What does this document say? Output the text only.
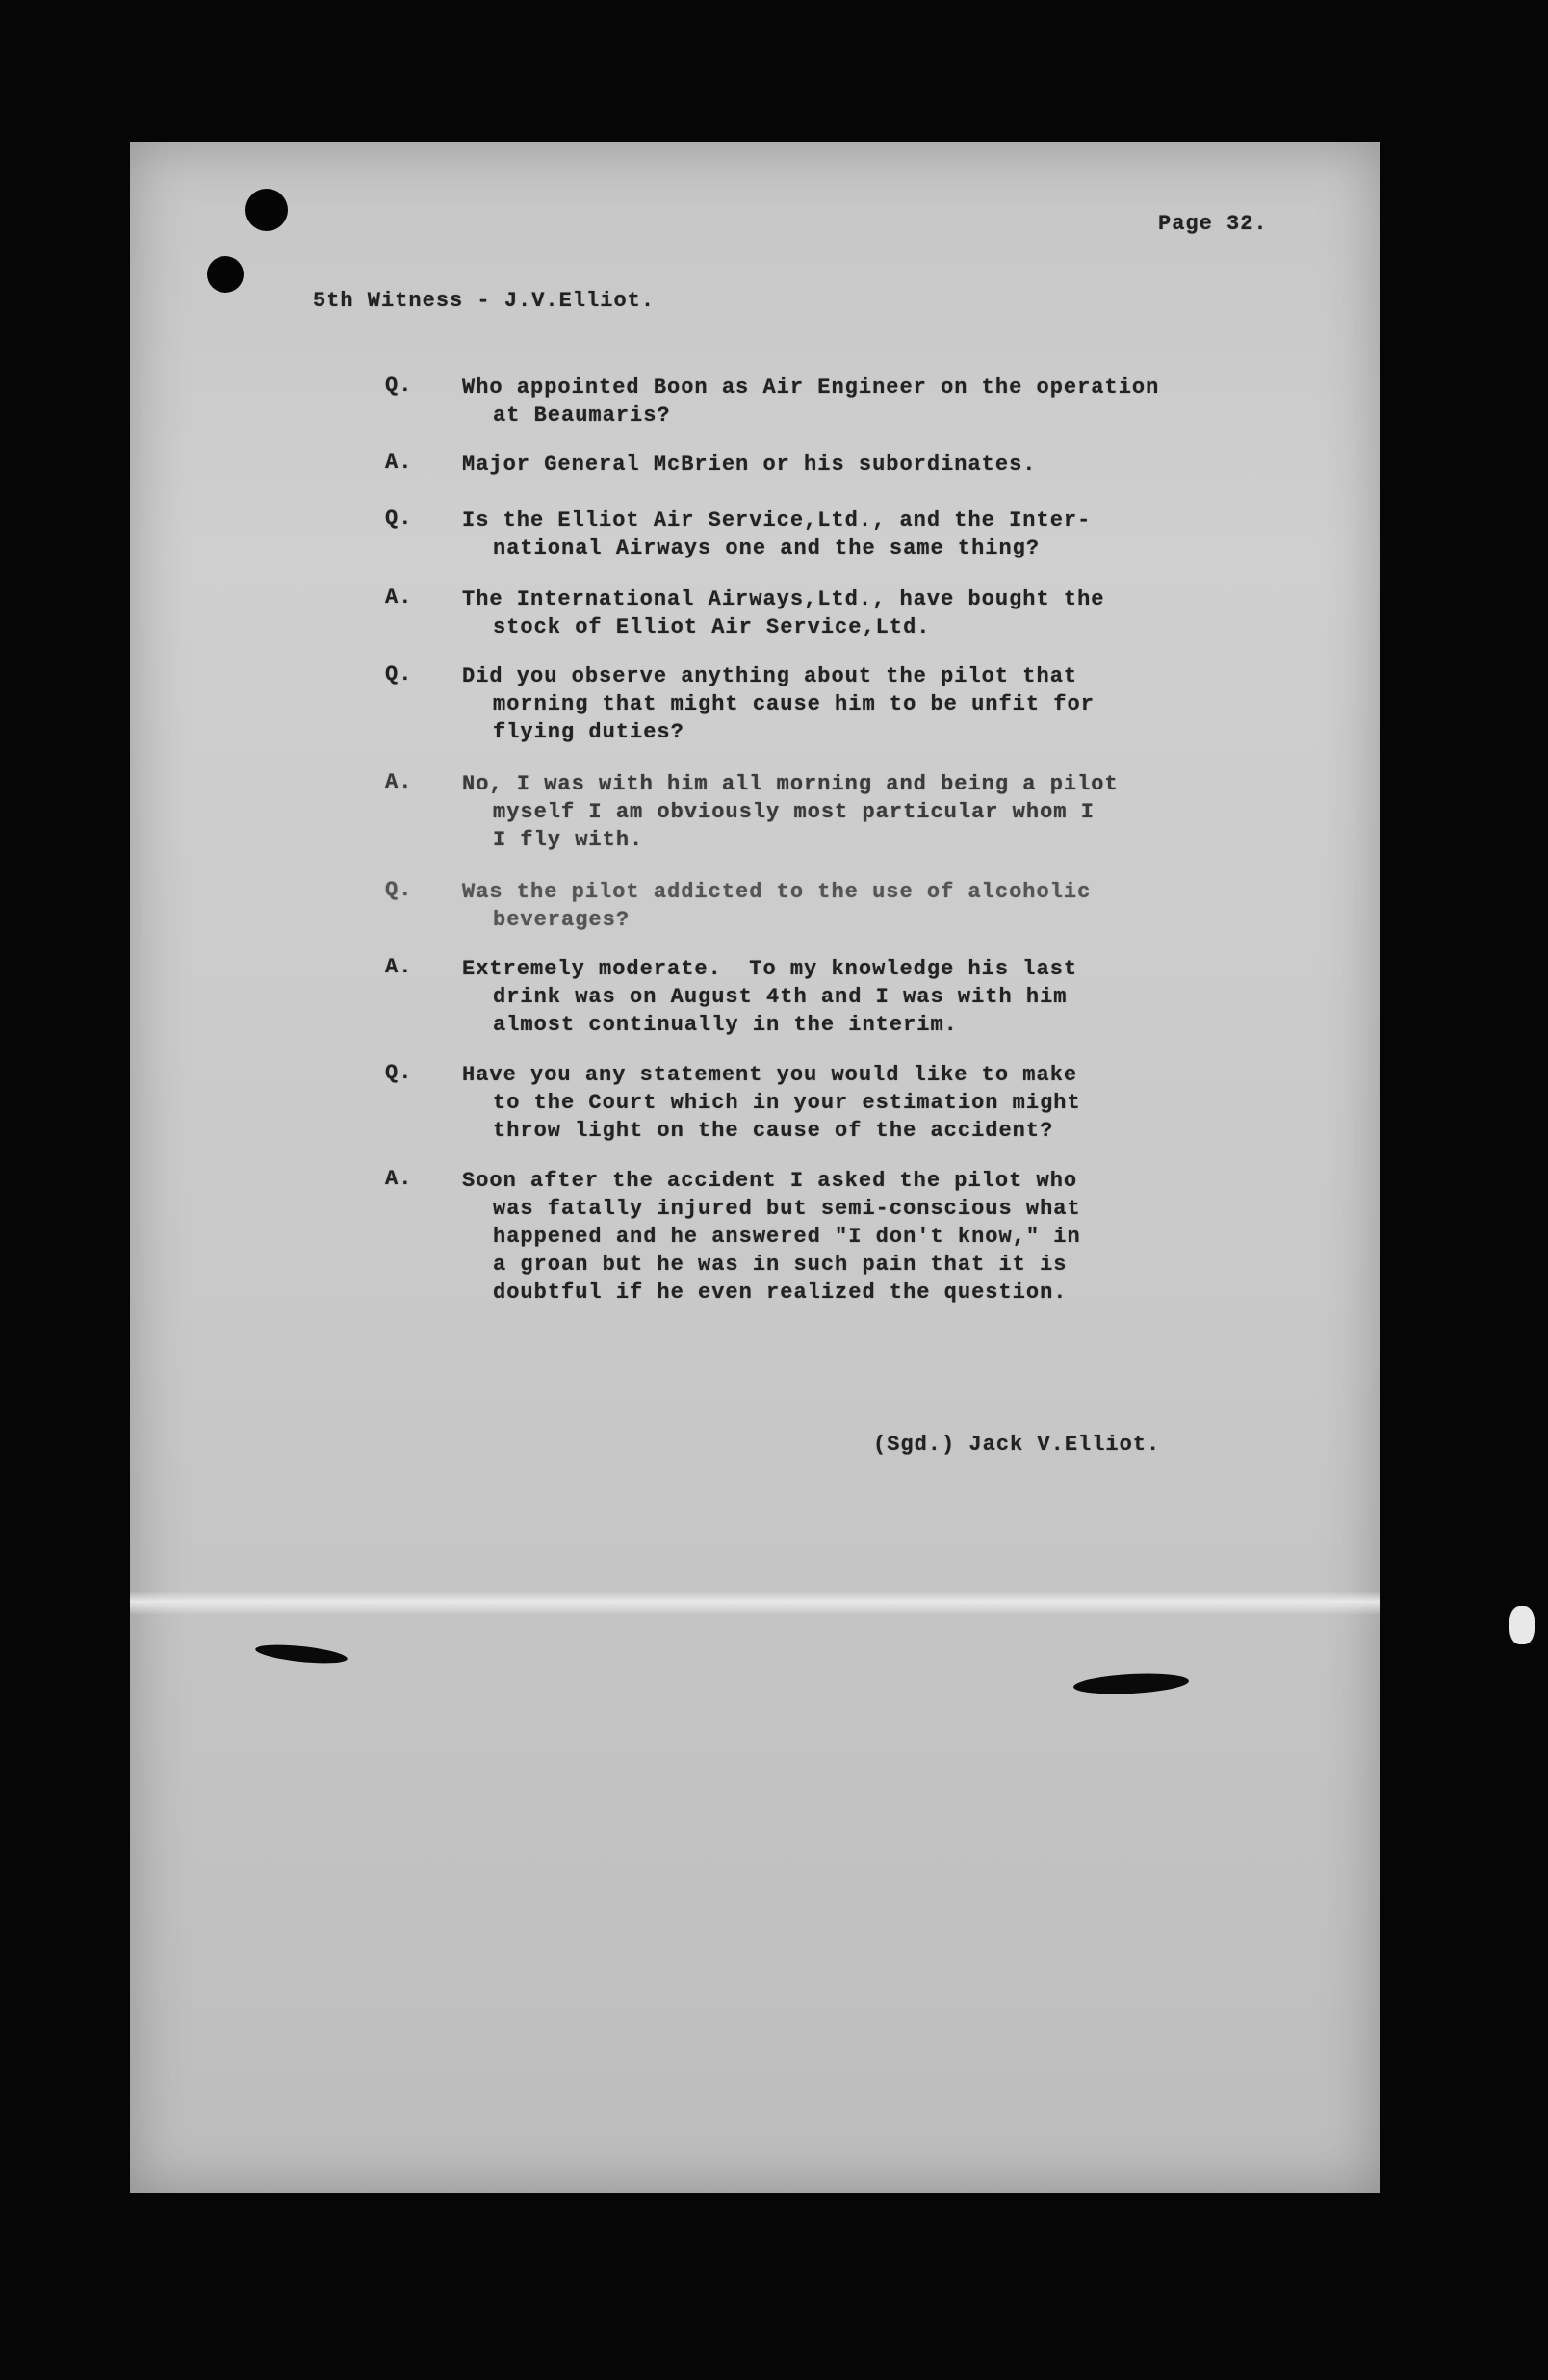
Page 32.
5th Witness - J.V.Elliot.
Q. Who appointed Boon as Air Engineer on the operation
at Beaumaris?
A. Major General McBrien or his subordinates.
Q. Is the Elliot Air Service,Ltd., and the Inter-
national Airways one and the same thing?
A. The International Airways,Ltd., have bought the
stock of Elliot Air Service,Ltd.
Q. Did you observe anything about the pilot that
morning that might cause him to be unfit for
flying duties?
A. No, I was with him all morning and being a pilot
myself I am obviously most particular whom I
I fly with.
Q. Was the pilot addicted to the use of alcoholic
beverages?
A. Extremely moderate.  To my knowledge his last
drink was on August 4th and I was with him
almost continually in the interim.
Q. Have you any statement you would like to make
to the Court which in your estimation might
throw light on the cause of the accident?
A. Soon after the accident I asked the pilot who
was fatally injured but semi-conscious what
happened and he answered "I don't know," in
a groan but he was in such pain that it is
doubtful if he even realized the question.
(Sgd.) Jack V.Elliot.
